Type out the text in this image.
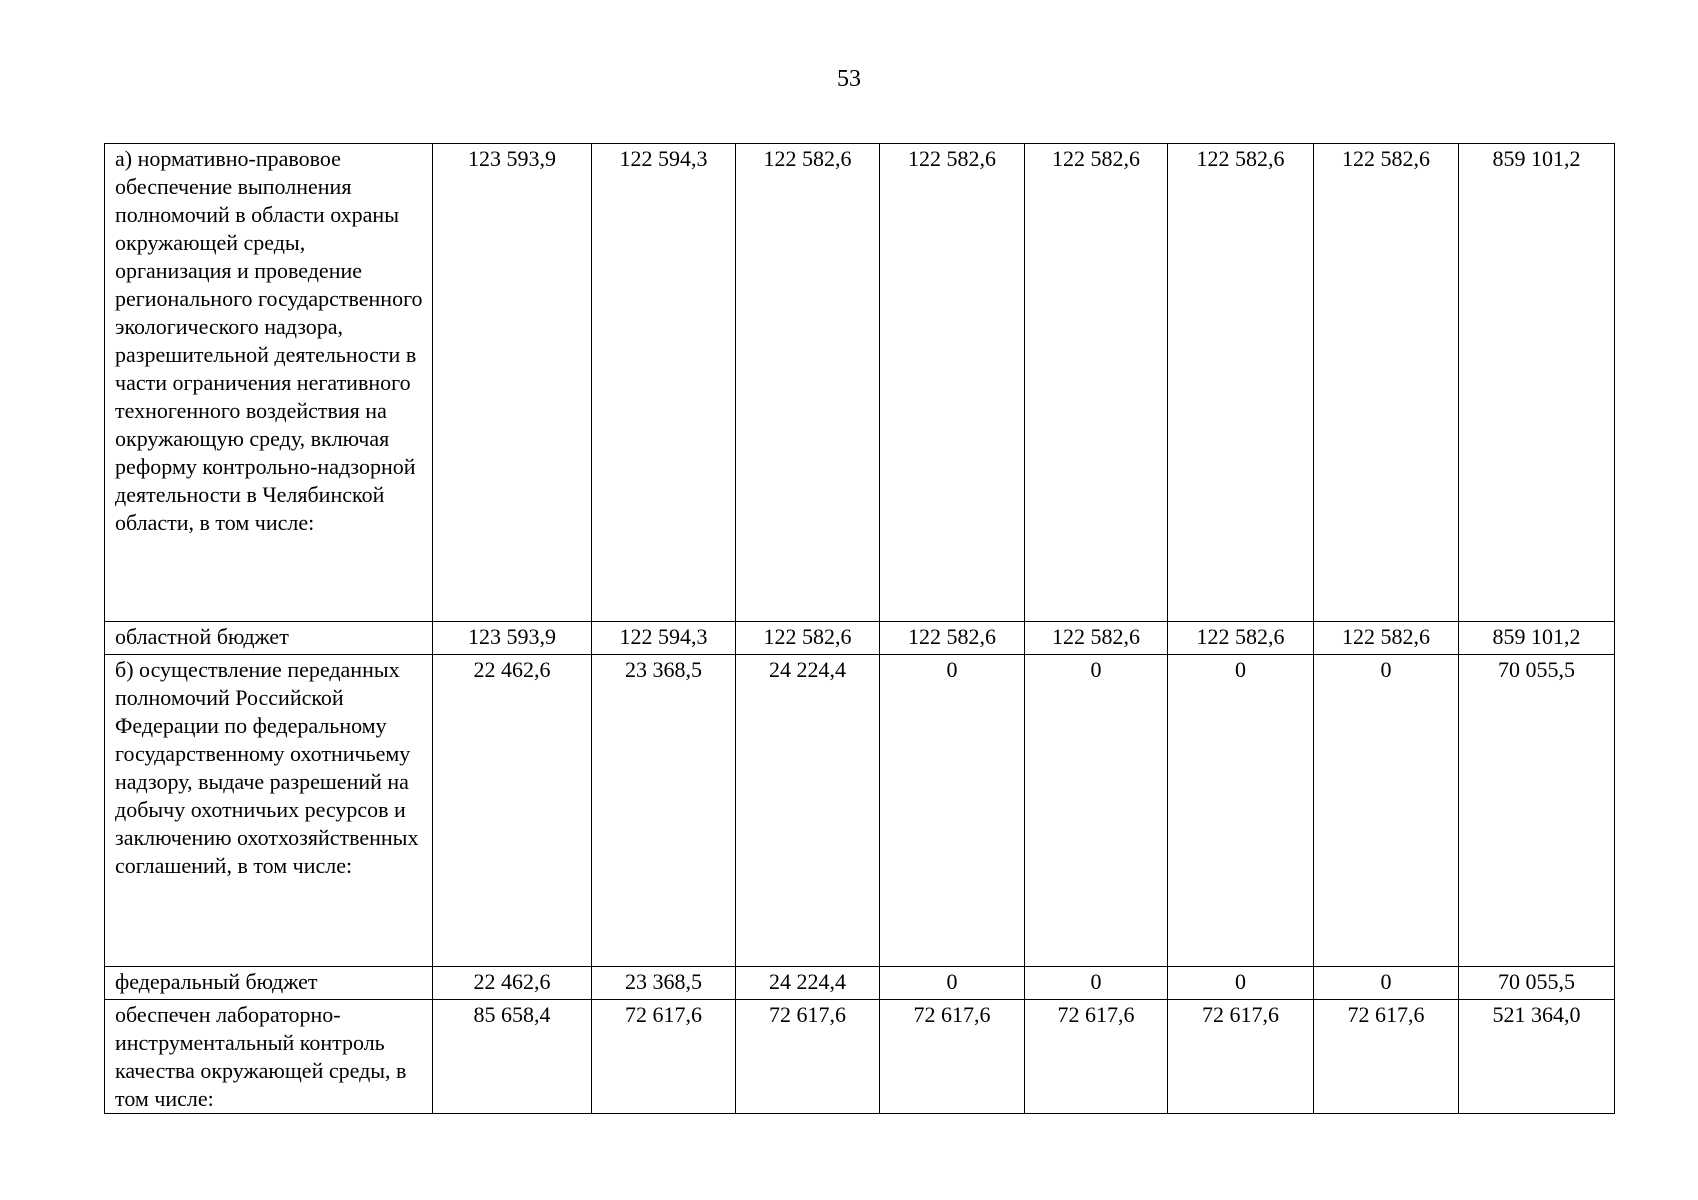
53
а) нормативно-правовое обеспечение выполнения полномочий в области охраны окружающей среды, организация и проведение регионального государственного экологического надзора, разрешительной деятельности в части ограничения негативного техногенного воздействия на окружающую среду, включая реформу контрольно-надзорной деятельности в Челябинской области, в том числе:	123 593,9	122 594,3	122 582,6	122 582,6	122 582,6	122 582,6	122 582,6	859 101,2
областной бюджет	123 593,9	122 594,3	122 582,6	122 582,6	122 582,6	122 582,6	122 582,6	859 101,2
б) осуществление переданных полномочий Российской Федерации по федеральному государственному охотничьему надзору, выдаче разрешений на добычу охотничьих ресурсов и заключению охотхозяйственных соглашений, в том числе:	22 462,6	23 368,5	24 224,4	0	0	0	0	70 055,5
федеральный бюджет	22 462,6	23 368,5	24 224,4	0	0	0	0	70 055,5
обеспечен лабораторно-инструментальный контроль качества окружающей среды, в том числе:	85 658,4	72 617,6	72 617,6	72 617,6	72 617,6	72 617,6	72 617,6	521 364,0
